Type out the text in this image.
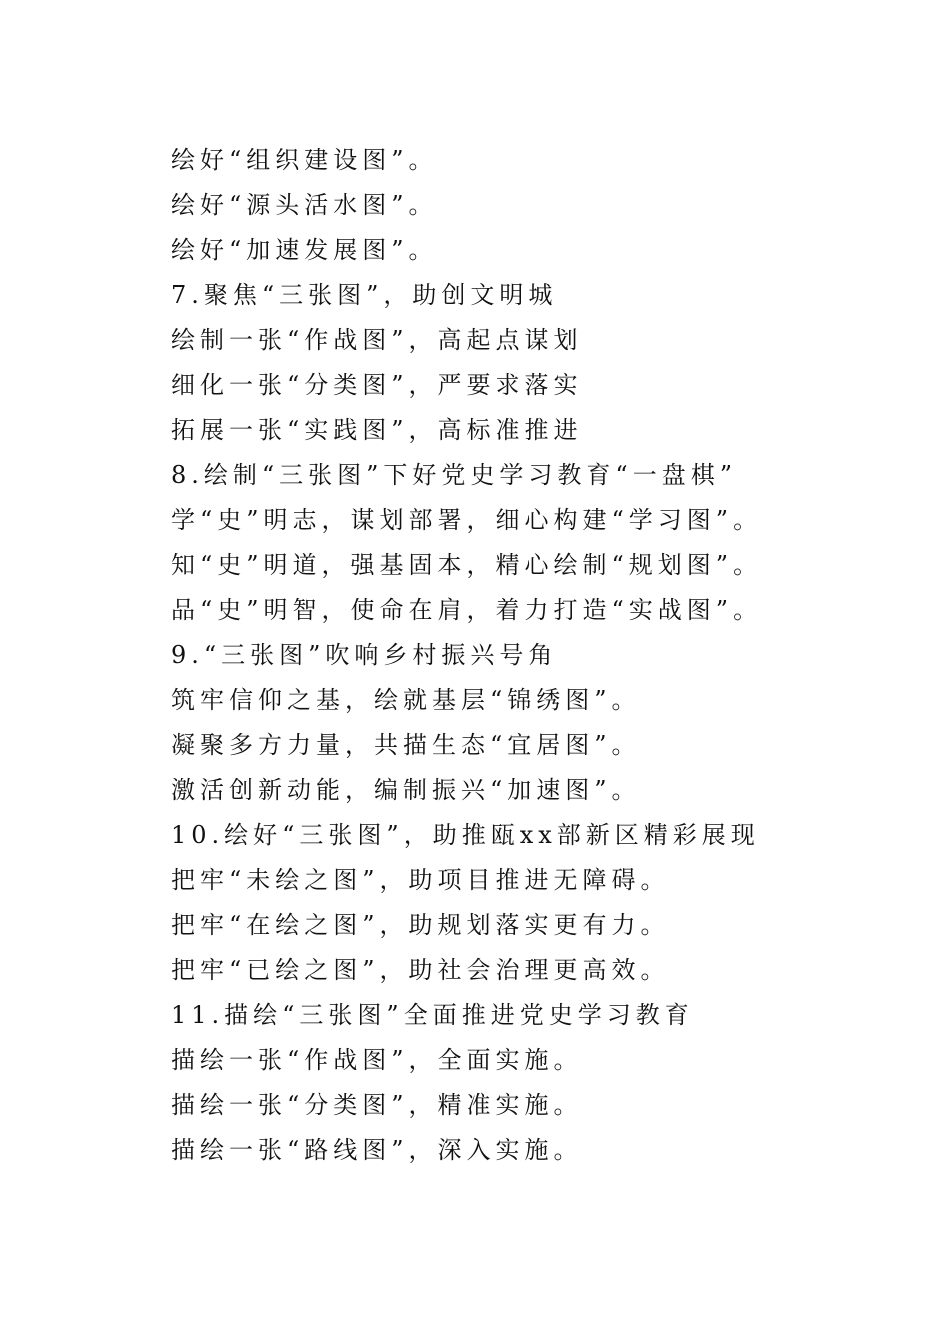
绘好“组织建设图”。
绘好“源头活水图”。
绘好“加速发展图”。
7.聚焦“三张图”，助创文明城
绘制一张“作战图”，高起点谋划
细化一张“分类图”，严要求落实
拓展一张“实践图”，高标准推进
8.绘制“三张图”下好党史学习教育“一盘棋”
学“史”明志，谋划部署，细心构建“学习图”。
知“史”明道，强基固本，精心绘制“规划图”。
品“史”明智，使命在肩，着力打造“实战图”。
9.“三张图”吹响乡村振兴号角
筑牢信仰之基，绘就基层“锦绣图”。
凝聚多方力量，共描生态“宜居图”。
激活创新动能，编制振兴“加速图”。
10.绘好“三张图”，助推瓯xx部新区精彩展现
把牢“未绘之图”，助项目推进无障碍。
把牢“在绘之图”，助规划落实更有力。
把牢“已绘之图”，助社会治理更高效。
11.描绘“三张图”全面推进党史学习教育
描绘一张“作战图”，全面实施。
描绘一张“分类图”，精准实施。
描绘一张“路线图”，深入实施。
